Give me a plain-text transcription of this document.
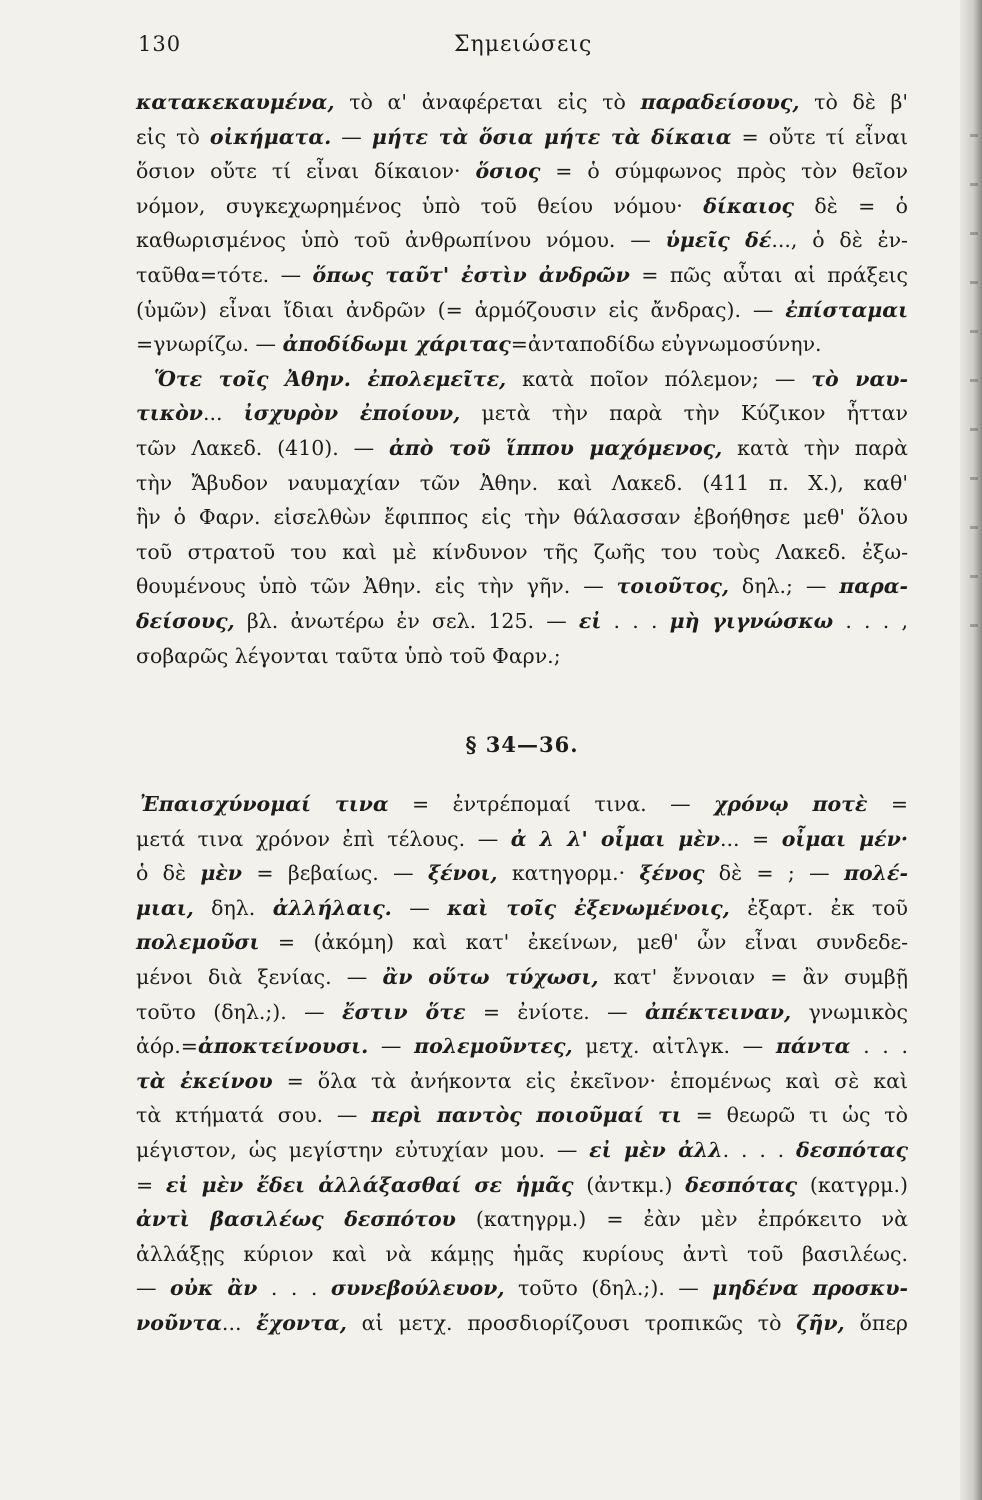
130	Σημειώσεις
κατακεκαυμένα, τὸ α' ἀναφέρεται εἰς τὸ παραδείσους, τὸ δὲ β'
εἰς τὸ οἰκήματα. — μήτε τὰ ὅσια μήτε τὰ δίκαια = οὔτε τί εἶναι
ὅσιον οὔτε τί εἶναι δίκαιον· ὅσιος = ὁ σύμφωνος πρὸς τὸν θεῖον
νόμον, συγκεχωρημένος ὑπὸ τοῦ θείου νόμου· δίκαιος δὲ = ὁ
καθωρισμένος ὑπὸ τοῦ ἀνθρωπίνου νόμου. — ὑμεῖς δέ..., ὁ δὲ ἐν-
ταῦθα=τότε. — ὅπως ταῦτ' ἐστὶν ἀνδρῶν = πῶς αὗται αἱ πράξεις
(ὑμῶν) εἶναι ἴδιαι ἀνδρῶν (= ἁρμόζουσιν εἰς ἄνδρας). — ἐπίσταμαι
=γνωρίζω. — ἀποδίδωμι χάριτας=ἀνταποδίδω εὐγνωμοσύνην.
Ὅτε τοῖς Ἀθην. ἐπολεμεῖτε, κατὰ ποῖον πόλεμον; — τὸ ναυ-
τικὸν... ἰσχυρὸν ἐποίουν, μετὰ τὴν παρὰ τὴν Κύζικον ἧτταν
τῶν Λακεδ. (410). — ἀπὸ τοῦ ἵππου μαχόμενος, κατὰ τὴν παρὰ
τὴν Ἄβυδον ναυμαχίαν τῶν Ἀθην. καὶ Λακεδ. (411 π. Χ.), καθ'
ἣν ὁ Φαρν. εἰσελθὼν ἔφιππος εἰς τὴν θάλασσαν ἐβοήθησε μεθ' ὅλου
τοῦ στρατοῦ του καὶ μὲ κίνδυνον τῆς ζωῆς του τοὺς Λακεδ. ἐξω-
θουμένους ὑπὸ τῶν Ἀθην. εἰς τὴν γῆν. — τοιοῦτος, δηλ.; — παρα-
δείσους, βλ. ἀνωτέρω ἐν σελ. 125. — εἰ . . . μὴ γιγνώσκω . . . ,
σοβαρῶς λέγονται ταῦτα ὑπὸ τοῦ Φαρν.;
§ 34—36.
Ἐπαισχύνομαί τινα = ἐντρέπομαί τινα. — χρόνῳ ποτὲ =
μετά τινα χρόνον ἐπὶ τέλους. — ἀ λ λ' οἶμαι μὲν... = οἶμαι μέν·
ὁ δὲ μὲν = βεβαίως. — ξένοι, κατηγορμ.· ξένος δὲ = ; — πολέ-
μιαι, δηλ. ἀλλήλαις. — καὶ τοῖς ἐξενωμένοις, ἐξαρτ. ἐκ τοῦ
πολεμοῦσι = (ἀκόμη) καὶ κατ' ἐκείνων, μεθ' ὧν εἶναι συνδεδε-
μένοι διὰ ξενίας. — ἂν οὕτω τύχωσι, κατ' ἔννοιαν = ἂν συμβῇ
τοῦτο (δηλ.;). — ἔστιν ὅτε = ἐνίοτε. — ἀπέκτειναν, γνωμικὸς
ἀόρ.=ἀποκτείνουσι. — πολεμοῦντες, μετχ. αἰτλγκ. — πάντα . . .
τὰ ἐκείνου = ὅλα τὰ ἀνήκοντα εἰς ἐκεῖνον· ἑπομένως καὶ σὲ καὶ
τὰ κτήματά σου. — περὶ παντὸς ποιοῦμαί τι = θεωρῶ τι ὡς τὸ
μέγιστον, ὡς μεγίστην εὐτυχίαν μου. — εἰ μὲν ἀλλ. . . . δεσπότας
= εἰ μὲν ἔδει ἀλλάξασθαί σε ἡμᾶς (ἀντκμ.) δεσπότας (κατγρμ.)
ἀντὶ βασιλέως δεσπότου (κατηγρμ.) = ἐὰν μὲν ἐπρόκειτο νὰ
ἀλλάξῃς κύριον καὶ νὰ κάμῃς ἡμᾶς κυρίους ἀντὶ τοῦ βασιλέως.
— οὐκ ἂν . . . συνεβούλευον, τοῦτο (δηλ.;). — μηδένα προσκυ-
νοῦντα... ἔχοντα, αἱ μετχ. προσδιορίζουσι τροπικῶς τὸ ζῆν, ὅπερ
